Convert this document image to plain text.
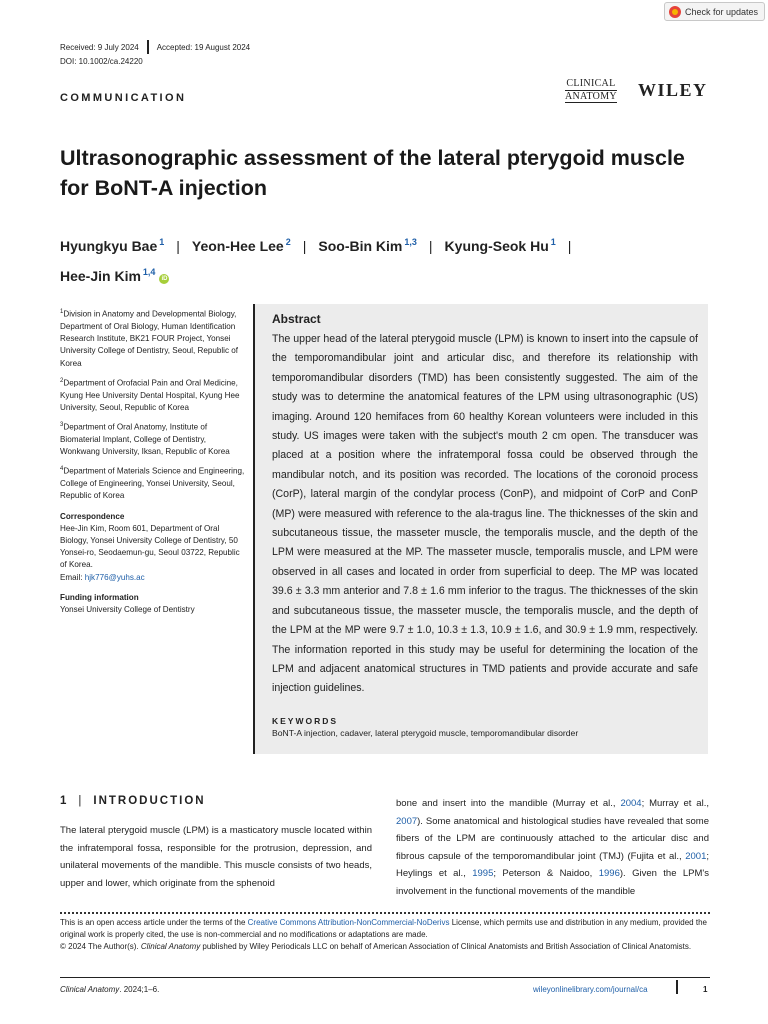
Check for updates
Received: 9 July 2024 Accepted: 19 August 2024
DOI: 10.1002/ca.24220
COMMUNICATION
CLINICAL
ANATOMY WILEY
Ultrasonographic assessment of the lateral pterygoid muscle for BoNT-A injection
Hyungkyu Bae $^1$ | Yeon-Hee Lee $^2$ | Soo-Bin Kim $^{1,3}$ | Kyung-Seok Hu $^1$ |
Hee-Jin Kim $^{1,4}$iD

$^1$Division in Anatomy and Developmental Biology, Department of Oral Biology, Human Identification Research Institute, BK21 FOUR Project, Yonsei University College of Dentistry, Seoul, Republic of Korea

$^2$Department of Orofacial Pain and Oral Medicine, Kyung Hee University Dental Hospital, Kyung Hee University, Seoul, Republic of Korea

$^3$Department of Oral Anatomy, Institute of Biomaterial Implant, College of Dentistry, Wonkwang University, Iksan, Republic of Korea

$^4$Department of Materials Science and Engineering, College of Engineering, Yonsei University, Seoul, Republic of Korea

Correspondence

Hee-Jin Kim, Room 601, Department of Oral Biology, Yonsei University College of Dentistry, 50 Yonsei-ro, Seodaemun-gu, Seoul 03722, Republic of Korea.
Email: hjk776@yuhs.ac

Funding information

Yonsei University College of Dentistry

Abstract

The upper head of the lateral pterygoid muscle (LPM) is known to insert into the capsule of the temporomandibular joint and articular disc, and therefore its relationship with temporomandibular disorders (TMD) has been consistently suggested. The aim of the study was to determine the anatomical features of the LPM using ultrasonographic (US) imaging. Around 120 hemifaces from 60 healthy Korean volunteers were included in this study. US images were taken with the subject's mouth 2 cm open. The transducer was placed at a position where the infratemporal fossa could be observed through the mandibular notch, and its position was recorded. The locations of the coronoid process (CorP), lateral margin of the condylar process (ConP), and midpoint of CorP and ConP (MP) were measured with reference to the ala-tragus line. The thicknesses of the skin and subcutaneous tissue, the masseter muscle, the temporalis muscle, and the depth of the LPM were measured at the MP. The masseter muscle, temporalis muscle, and LPM were observed in all cases and located in order from superficial to deep. The MP was located 39.6 ± 3.3 mm anterior and 7.8 ± 1.6 mm inferior to the tragus. The thicknesses of the skin and subcutaneous tissue, the masseter muscle, the temporalis muscle, and the depth of the LPM at the MP were 9.7 ± 1.0, 10.3 ± 1.3, 10.9 ± 1.6, and 30.9 ± 1.9 mm, respectively. The information reported in this study may be useful for determining the location of the LPM and adjacent anatomical structures in TMD patients and provide accurate and safe injection guidelines.

KEYWORDS
BoNT-A injection, cadaver, lateral pterygoid muscle, temporomandibular disorder
1 | INTRODUCTION

The lateral pterygoid muscle (LPM) is a masticatory muscle located within the infratemporal fossa, responsible for the protrusion, depression, and unilateral movements of the mandible. This muscle consists of two heads, upper and lower, which originate from the sphenoid

bone and insert into the mandible (Murray et al., 2004; Murray et al., 2007). Some anatomical and histological studies have revealed that some fibers of the LPM are continuously attached to the articular disc and fibrous capsule of the temporomandibular joint (TMJ) (Fujita et al., 2001; Heylings et al., 1995; Peterson & Naidoo, 1996). Given the LPM's involvement in the functional movements of the mandible

This is an open access article under the terms of the Creative Commons Attribution-NonCommercial-NoDerivs License, which permits use and distribution in any medium, provided the original work is properly cited, the use is non-commercial and no modifications or adaptations are made.
© 2024 The Author(s). Clinical Anatomy published by Wiley Periodicals LLC on behalf of American Association of Clinical Anatomists and British Association of Clinical Anatomists.
Clinical Anatomy. 2024;1–6.	wileyonlinelibrary.com/journal/ca	1
